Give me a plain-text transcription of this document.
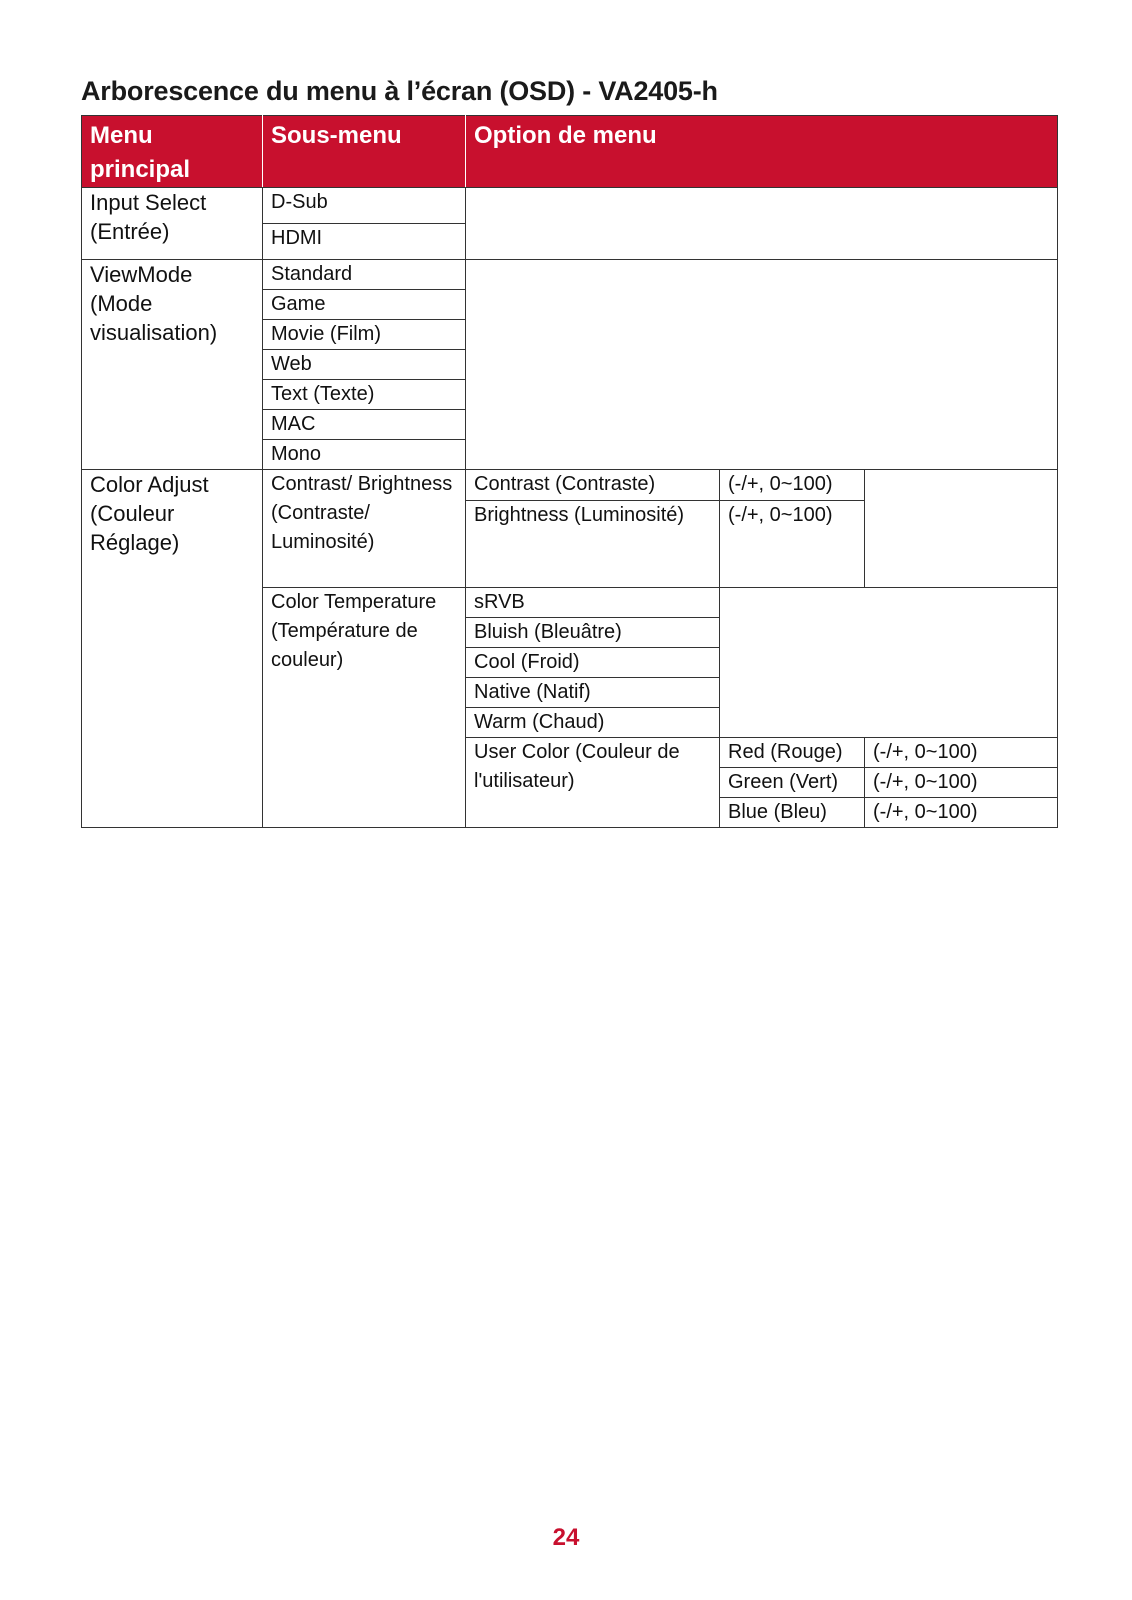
Arborescence du menu à l’écran (OSD) - VA2405-h
Menu principal	Sous-menu	Option de menu		
Input Select (Entrée)	D-Sub			
	HDMI			
ViewMode (Mode visualisation)	Standard			
	Game			
	Movie (Film)			
	Web			
	Text (Texte)			
	MAC			
	Mono			
Color Adjust (Couleur Réglage)	Contrast/ Brightness (Contraste/ Luminosité)	Contrast (Contraste)	(-/+, 0~100)	
		Brightness (Luminosité)	(-/+, 0~100)	
	Color Temperature (Température de couleur)	sRVB		
		Bluish (Bleuâtre)		
		Cool (Froid)		
		Native (Natif)		
		Warm (Chaud)		
		User Color (Couleur de l'utilisateur)	Red (Rouge)	(-/+, 0~100)
			Green (Vert)	(-/+, 0~100)
			Blue (Bleu)	(-/+, 0~100)
24
